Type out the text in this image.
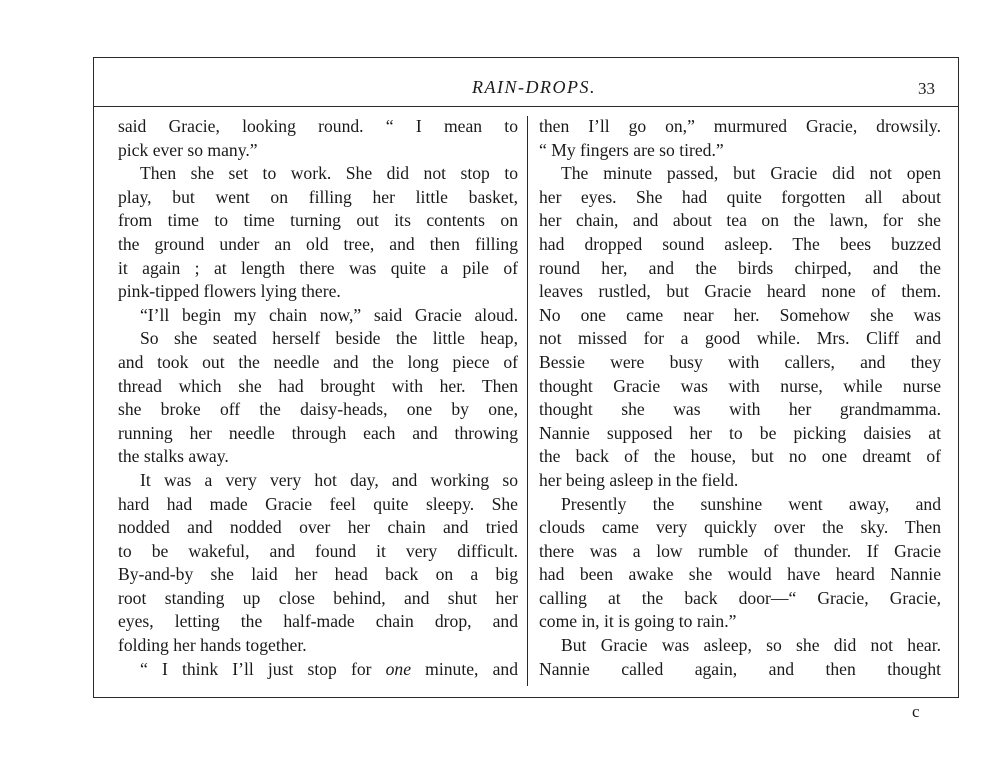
RAIN-DROPS.	33
said Gracie, looking round. “ I mean to
pick ever so many.”
Then she set to work. She did not stop to
play, but went on filling her little basket,
from time to time turning out its contents on
the ground under an old tree, and then filling
it again ; at length there was quite a pile of
pink-tipped flowers lying there.
“I’ll begin my chain now,” said Gracie aloud.
So she seated herself beside the little heap,
and took out the needle and the long piece of
thread which she had brought with her. Then
she broke off the daisy-heads, one by one,
running her needle through each and throwing
the stalks away.
It was a very very hot day, and working so
hard had made Gracie feel quite sleepy. She
nodded and nodded over her chain and tried
to be wakeful, and found it very difficult.
By-and-by she laid her head back on a big
root standing up close behind, and shut her
eyes, letting the half-made chain drop, and
folding her hands together.
“ I think I’ll just stop for one minute, and
then I’ll go on,” murmured Gracie, drowsily.
“ My fingers are so tired.”
The minute passed, but Gracie did not open
her eyes. She had quite forgotten all about
her chain, and about tea on the lawn, for she
had dropped sound asleep. The bees buzzed
round her, and the birds chirped, and the
leaves rustled, but Gracie heard none of them.
No one came near her. Somehow she was
not missed for a good while. Mrs. Cliff and
Bessie were busy with callers, and they
thought Gracie was with nurse, while nurse
thought she was with her grandmamma.
Nannie supposed her to be picking daisies at
the back of the house, but no one dreamt of
her being asleep in the field.
Presently the sunshine went away, and
clouds came very quickly over the sky. Then
there was a low rumble of thunder. If Gracie
had been awake she would have heard Nannie
calling at the back door—“ Gracie, Gracie,
come in, it is going to rain.”
But Gracie was asleep, so she did not hear.
Nannie called again, and then thought
c
